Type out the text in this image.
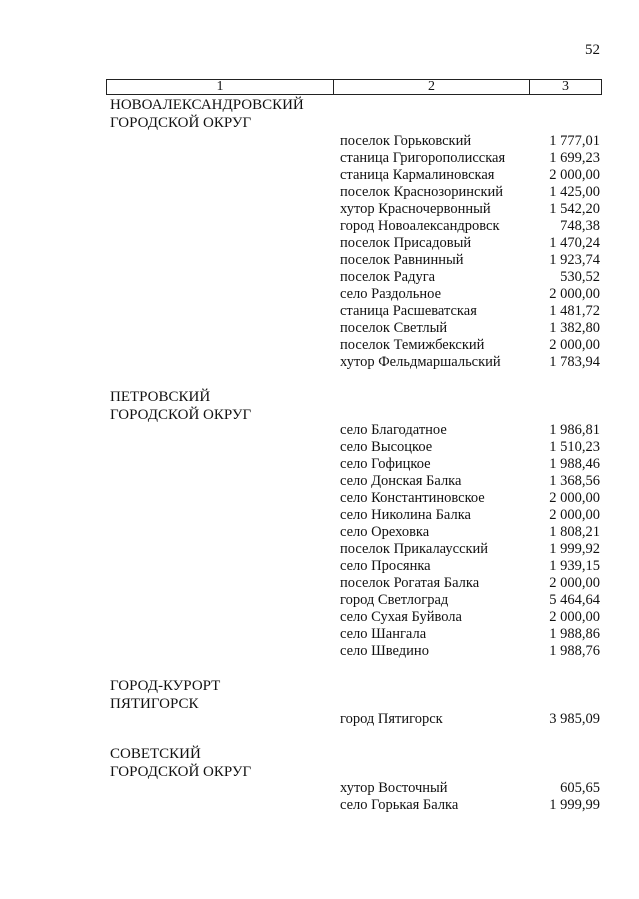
52
1	2	3
НОВОАЛЕКСАНДРОВСКИЙ
ГОРОДСКОЙ ОКРУГ
поселок Горьковский	1 777,01
станица Григорополисская	1 699,23
станица Кармалиновская	2 000,00
поселок Краснозоринский	1 425,00
хутор Красночервонный	1 542,20
город Новоалександровск	748,38
поселок Присадовый	1 470,24
поселок Равнинный	1 923,74
поселок Радуга	530,52
село Раздольное	2 000,00
станица Расшеватская	1 481,72
поселок Светлый	1 382,80
поселок Темижбекский	2 000,00
хутор Фельдмаршальский	1 783,94
ПЕТРОВСКИЙ
ГОРОДСКОЙ ОКРУГ
село Благодатное	1 986,81
село Высоцкое	1 510,23
село Гофицкое	1 988,46
село Донская Балка	1 368,56
село Константиновское	2 000,00
село Николина Балка	2 000,00
село Ореховка	1 808,21
поселок Прикалаусский	1 999,92
село Просянка	1 939,15
поселок Рогатая Балка	2 000,00
город Светлоград	5 464,64
село Сухая Буйвола	2 000,00
село Шангала	1 988,86
село Шведино	1 988,76
ГОРОД-КУРОРТ
ПЯТИГОРСК
город Пятигорск	3 985,09
СОВЕТСКИЙ
ГОРОДСКОЙ ОКРУГ
хутор Восточный	605,65
село Горькая Балка	1 999,99
